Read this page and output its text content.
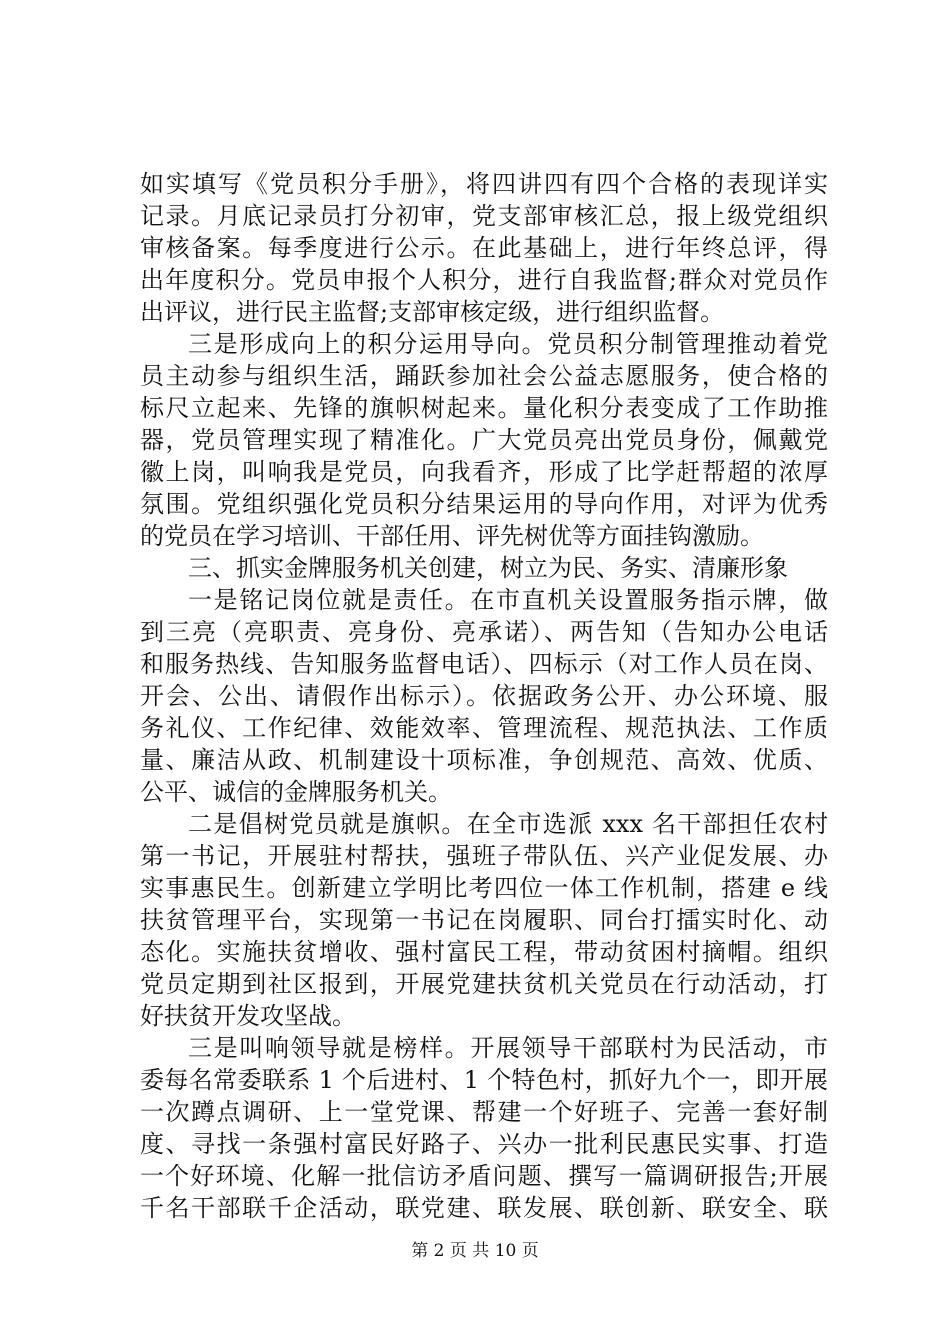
如实填写《党员积分手册》，将四讲四有四个合格的表现详实
记录。月底记录员打分初审，党支部审核汇总，报上级党组织
审核备案。每季度进行公示。在此基础上，进行年终总评，得
出年度积分。党员申报个人积分，进行自我监督;群众对党员作
出评议，进行民主监督;支部审核定级，进行组织监督。
三是形成向上的积分运用导向。党员积分制管理推动着党
员主动参与组织生活，踊跃参加社会公益志愿服务，使合格的
标尺立起来、先锋的旗帜树起来。量化积分表变成了工作助推
器，党员管理实现了精准化。广大党员亮出党员身份，佩戴党
徽上岗，叫响我是党员，向我看齐，形成了比学赶帮超的浓厚
氛围。党组织强化党员积分结果运用的导向作用，对评为优秀
的党员在学习培训、干部任用、评先树优等方面挂钩激励。
三、抓实金牌服务机关创建，树立为民、务实、清廉形象
一是铭记岗位就是责任。在市直机关设置服务指示牌，做
到三亮（亮职责、亮身份、亮承诺）、两告知（告知办公电话
和服务热线、告知服务监督电话）、四标示（对工作人员在岗、
开会、公出、请假作出标示）。依据政务公开、办公环境、服
务礼仪、工作纪律、效能效率、管理流程、规范执法、工作质
量、廉洁从政、机制建设十项标准，争创规范、高效、优质、
公平、诚信的金牌服务机关。
二是倡树党员就是旗帜。在全市选派 xxx 名干部担任农村
第一书记，开展驻村帮扶，强班子带队伍、兴产业促发展、办
实事惠民生。创新建立学明比考四位一体工作机制，搭建 e 线
扶贫管理平台，实现第一书记在岗履职、同台打擂实时化、动
态化。实施扶贫增收、强村富民工程，带动贫困村摘帽。组织
党员定期到社区报到，开展党建扶贫机关党员在行动活动，打
好扶贫开发攻坚战。
三是叫响领导就是榜样。开展领导干部联村为民活动，市
委每名常委联系 1 个后进村、1 个特色村，抓好九个一，即开展
一次蹲点调研、上一堂党课、帮建一个好班子、完善一套好制
度、寻找一条强村富民好路子、兴办一批利民惠民实事、打造
一个好环境、化解一批信访矛盾问题、撰写一篇调研报告;开展
千名干部联千企活动，联党建、联发展、联创新、联安全、联
第 2 页 共 10 页
